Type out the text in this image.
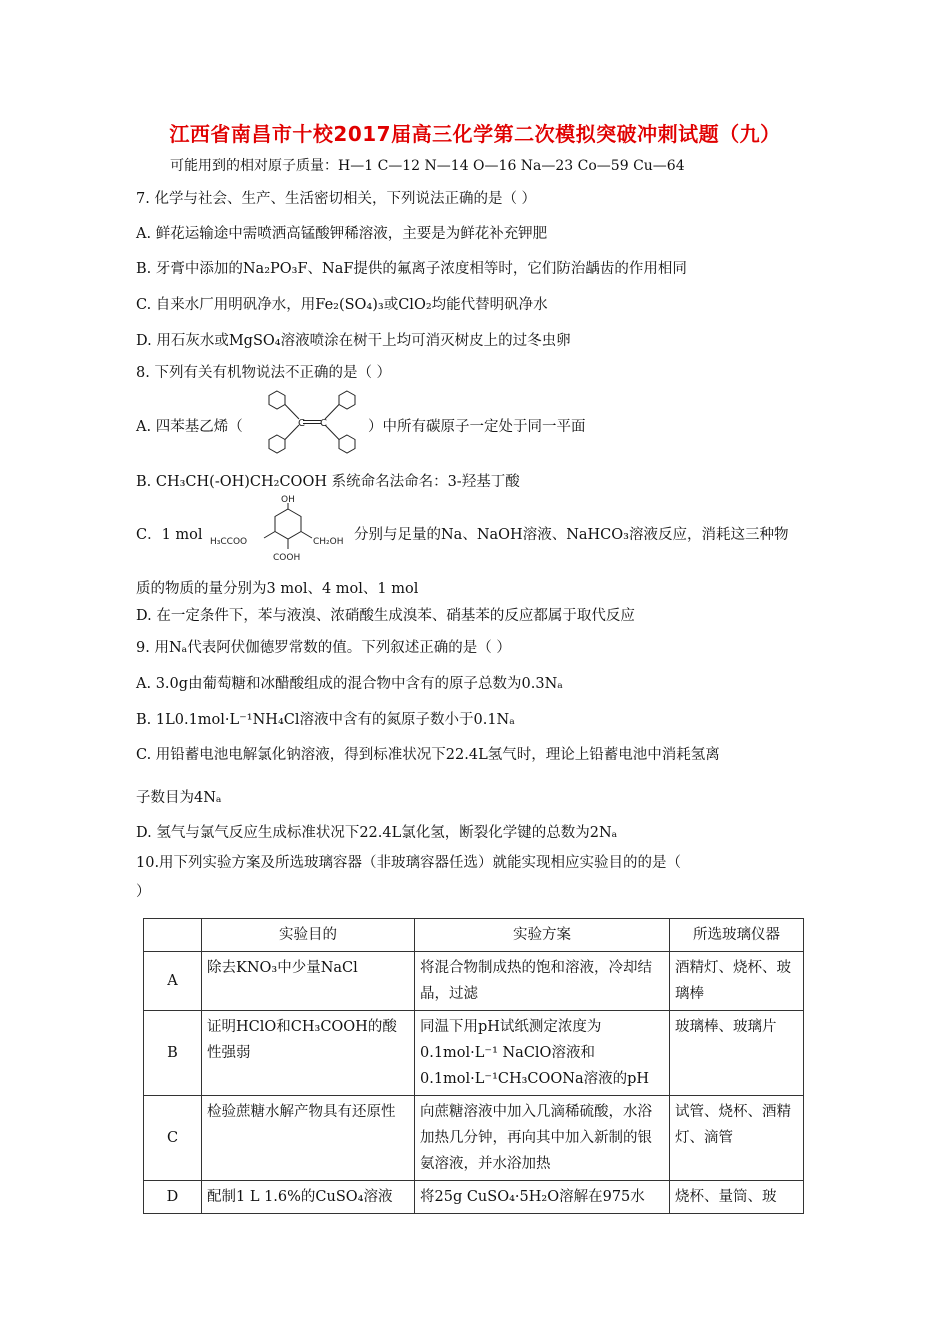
江西省南昌市十校2017届高三化学第二次模拟突破冲刺试题（九）
可能用到的相对原子质量：H—1 C—12 N—14 O—16 Na—23 Co—59 Cu—64
7. 化学与社会、生产、生活密切相关，下列说法正确的是（ ）
A. 鲜花运输途中需喷洒高锰酸钾稀溶液，主要是为鲜花补充钾肥
B. 牙膏中添加的Na₂PO₃F、NaF提供的氟离子浓度相等时，它们防治龋齿的作用相同
C. 自来水厂用明矾净水，用Fe₂(SO₄)₃或ClO₂均能代替明矾净水
D. 用石灰水或MgSO₄溶液喷涂在树干上均可消灭树皮上的过冬虫卵
8. 下列有关有机物说法不正确的是（ ）
A. 四苯基乙烯（	C C	）中所有碳原子一定处于同一平面
B. CH₃CH(-OH)CH₂COOH 系统命名法命名：3-羟基丁酸
C．1 mol
OH
H₃CCOO	CH₂OH
COOH
分别与足量的Na、NaOH溶液、NaHCO₃溶液反应，消耗这三种物
质的物质的量分别为3 mol、4 mol、1 mol
D. 在一定条件下，苯与液溴、浓硝酸生成溴苯、硝基苯的反应都属于取代反应
9. 用Nₐ代表阿伏伽德罗常数的值。下列叙述正确的是（ ）
A. 3.0g由葡萄糖和冰醋酸组成的混合物中含有的原子总数为0.3Nₐ
B. 1L0.1mol·L⁻¹NH₄Cl溶液中含有的氮原子数小于0.1Nₐ
C. 用铅蓄电池电解氯化钠溶液，得到标准状况下22.4L氢气时，理论上铅蓄电池中消耗氢离
子数目为4Nₐ
D. 氢气与氯气反应生成标准状况下22.4L氯化氢，断裂化学键的总数为2Nₐ
10.用下列实验方案及所选玻璃容器（非玻璃容器任选）就能实现相应实验目的的是（
）
	实验目的	实验方案	所选玻璃仪器
A	除去KNO₃中少量NaCl	将混合物制成热的饱和溶液，冷却结晶，过滤	酒精灯、烧杯、玻璃棒
B	证明HClO和CH₃COOH的酸性强弱	同温下用pH试纸测定浓度为0.1mol·L⁻¹ NaClO溶液和0.1mol·L⁻¹CH₃COONa溶液的pH	玻璃棒、玻璃片
C	检验蔗糖水解产物具有还原性	向蔗糖溶液中加入几滴稀硫酸，水浴加热几分钟，再向其中加入新制的银氨溶液，并水浴加热	试管、烧杯、酒精灯、滴管
D	配制1 L 1.6%的CuSO₄溶液	将25g CuSO₄·5H₂O溶解在975水	烧杯、量筒、玻
